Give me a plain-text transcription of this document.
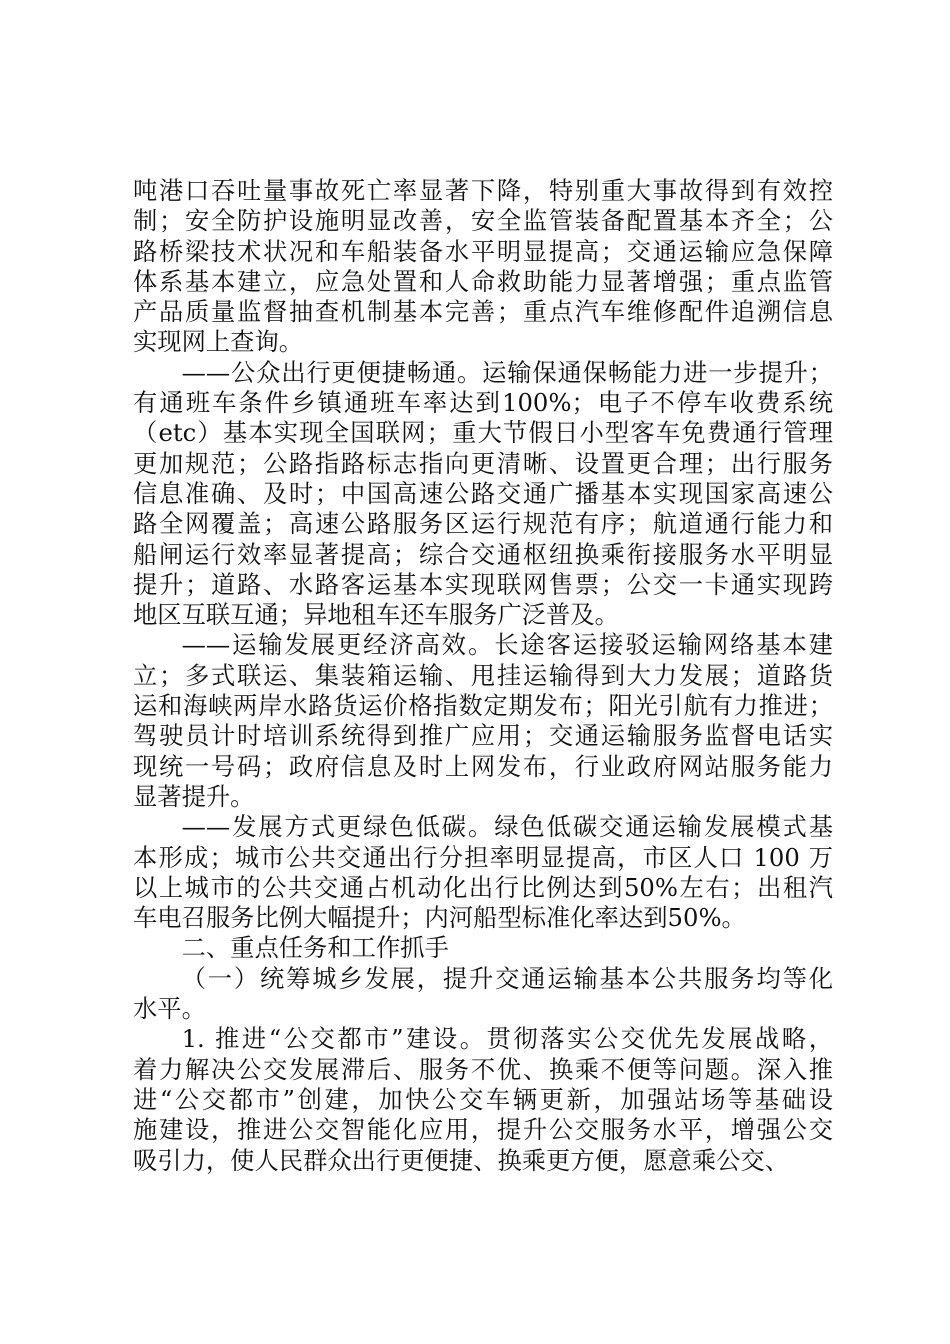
吨港口吞吐量事故死亡率显著下降，特别重大事故得到有效控
制；安全防护设施明显改善，安全监管装备配置基本齐全；公
路桥梁技术状况和车船装备水平明显提高；交通运输应急保障
体系基本建立，应急处置和人命救助能力显著增强；重点监管
产品质量监督抽查机制基本完善；重点汽车维修配件追溯信息
实现网上查询。

——公众出行更便捷畅通。运输保通保畅能力进一步提升；
有通班车条件乡镇通班车率达到100%；电子不停车收费系统
（etc）基本实现全国联网；重大节假日小型客车免费通行管理
更加规范；公路指路标志指向更清晰、设置更合理；出行服务
信息准确、及时；中国高速公路交通广播基本实现国家高速公
路全网覆盖；高速公路服务区运行规范有序；航道通行能力和
船闸运行效率显著提高；综合交通枢纽换乘衔接服务水平明显
提升；道路、水路客运基本实现联网售票；公交一卡通实现跨
地区互联互通；异地租车还车服务广泛普及。

——运输发展更经济高效。长途客运接驳运输网络基本建
立；多式联运、集装箱运输、甩挂运输得到大力发展；道路货
运和海峡两岸水路货运价格指数定期发布；阳光引航有力推进；
驾驶员计时培训系统得到推广应用；交通运输服务监督电话实
现统一号码；政府信息及时上网发布，行业政府网站服务能力
显著提升。

——发展方式更绿色低碳。绿色低碳交通运输发展模式基
本形成；城市公共交通出行分担率明显提高，市区人口 100 万
以上城市的公共交通占机动化出行比例达到50%左右；出租汽
车电召服务比例大幅提升；内河船型标准化率达到50%。

二、重点任务和工作抓手

（一）统筹城乡发展，提升交通运输基本公共服务均等化
水平。

1. 推进“公交都市”建设。贯彻落实公交优先发展战略，
着力解决公交发展滞后、服务不优、换乘不便等问题。深入推
进“公交都市”创建，加快公交车辆更新，加强站场等基础设
施建设，推进公交智能化应用，提升公交服务水平，增强公交
吸引力，使人民群众出行更便捷、换乘更方便，愿意乘公交、
